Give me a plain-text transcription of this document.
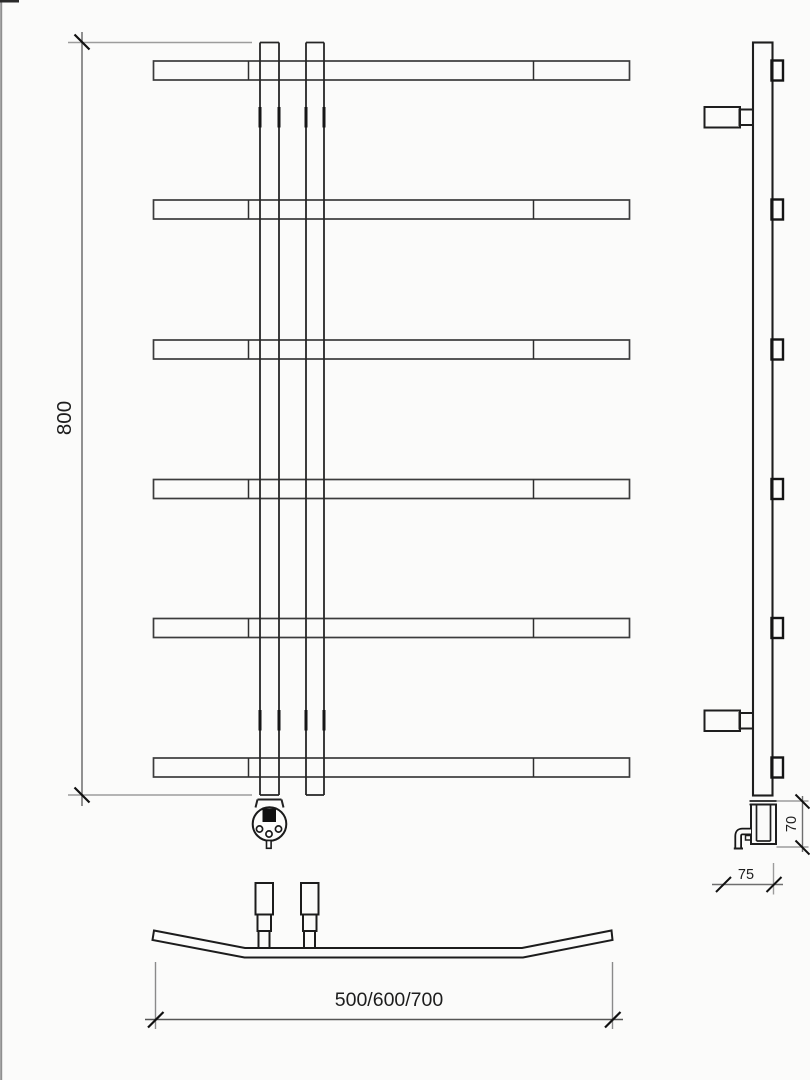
800
70
75
500/600/700
